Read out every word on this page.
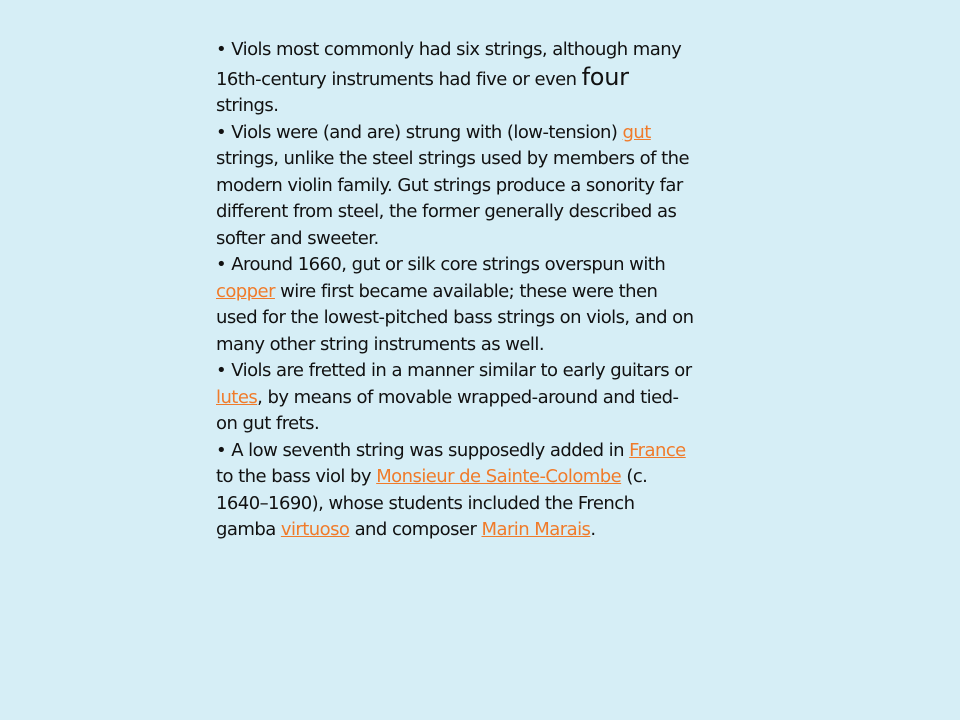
• Viols most commonly had six strings, although many 16th-century instruments had five or even four strings.

• Viols were (and are) strung with (low-tension) gut strings, unlike the steel strings used by members of the modern violin family. Gut strings produce a sonority far different from steel, the former generally described as softer and sweeter.

• Around 1660, gut or silk core strings overspun with copper wire first became available; these were then used for the lowest-pitched bass strings on viols, and on many other string instruments as well.

• Viols are fretted in a manner similar to early guitars or lutes, by means of movable wrapped-around and tied-on gut frets.

• A low seventh string was supposedly added in France to the bass viol by Monsieur de Sainte-Colombe (c. 1640–1690), whose students included the French gamba virtuoso and composer Marin Marais.
